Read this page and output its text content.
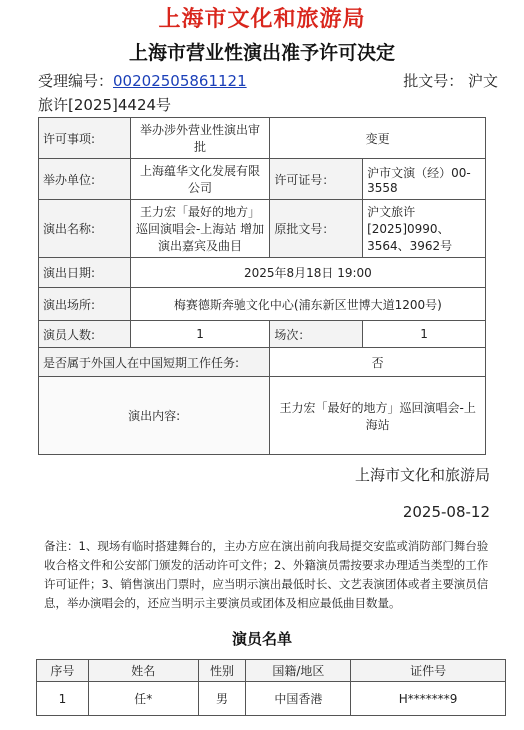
上海市文化和旅游局
上海市营业性演出准予许可决定
受理编号：00202505861121	批文号： 沪文
旅许[2025]4424号
许可事项:	举办涉外营业性演出审批	变更	
举办单位:	上海蕴华文化发展有限公司	许可证号：	沪市文演（经）00-3558
演出名称:	王力宏「最好的地方」巡回演唱会-上海站 增加演出嘉宾及曲目	原批文号：	沪文旅许[2025]0990、3564、3962号
演出日期:	2025年8月18日 19:00		
演出场所:	梅赛德斯奔驰文化中心(浦东新区世博大道1200号)		
演员人数:	1	场次：	1
是否属于外国人在中国短期工作任务:		否	
演出内容:		王力宏「最好的地方」巡回演唱会-上海站	
上海市文化和旅游局
2025-08-12
备注：1、现场有临时搭建舞台的，主办方应在演出前向我局提交安监或消防部门舞台验收合格文件和公安部门颁发的活动许可文件；2、外籍演员需按要求办理适当类型的工作许可证件；3、销售演出门票时，应当明示演出最低时长、文艺表演团体或者主要演员信息，举办演唱会的，还应当明示主要演员或团体及相应最低曲目数量。
演员名单
序号	姓名	性别	国籍/地区	证件号
1	任*	男	中国香港	H*******9
